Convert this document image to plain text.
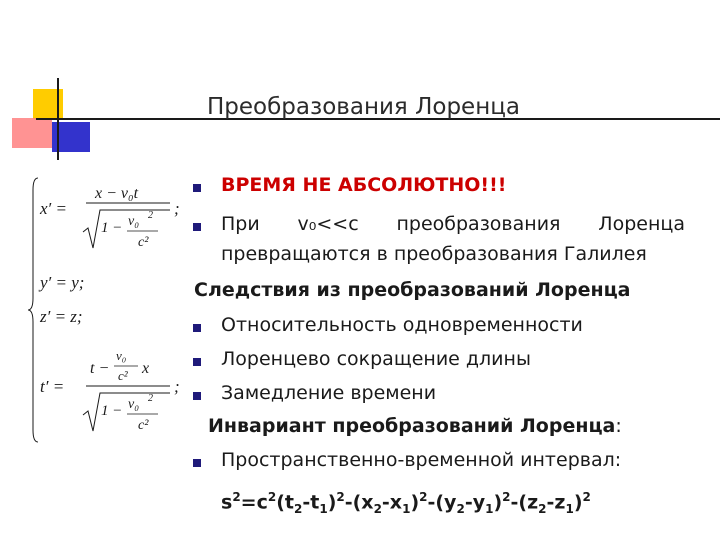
Преобразования Лоренца
x′ =
x − v₀t
1 − v₀ 2
c²
;
y′ = y;
z′ = z;
t′ =
t −
v₀
c² x
1 − v₀ 2
c²
;
ВРЕМЯ НЕ АБСОЛЮТНО!!!
При v₀<<c преобразования Лоренца
превращаются в преобразования Галилея
Следствия из преобразований Лоренца
Относительность одновременности
Лоренцево сокращение длины
Замедление времени
Инвариант преобразований Лоренца:
Пространственно-временной интервал:
$s^2=c^2(t_2-t_1)^2-(x_2-x_1)^2-(y_2-y_1)^2-(z_2-z_1)^2$
